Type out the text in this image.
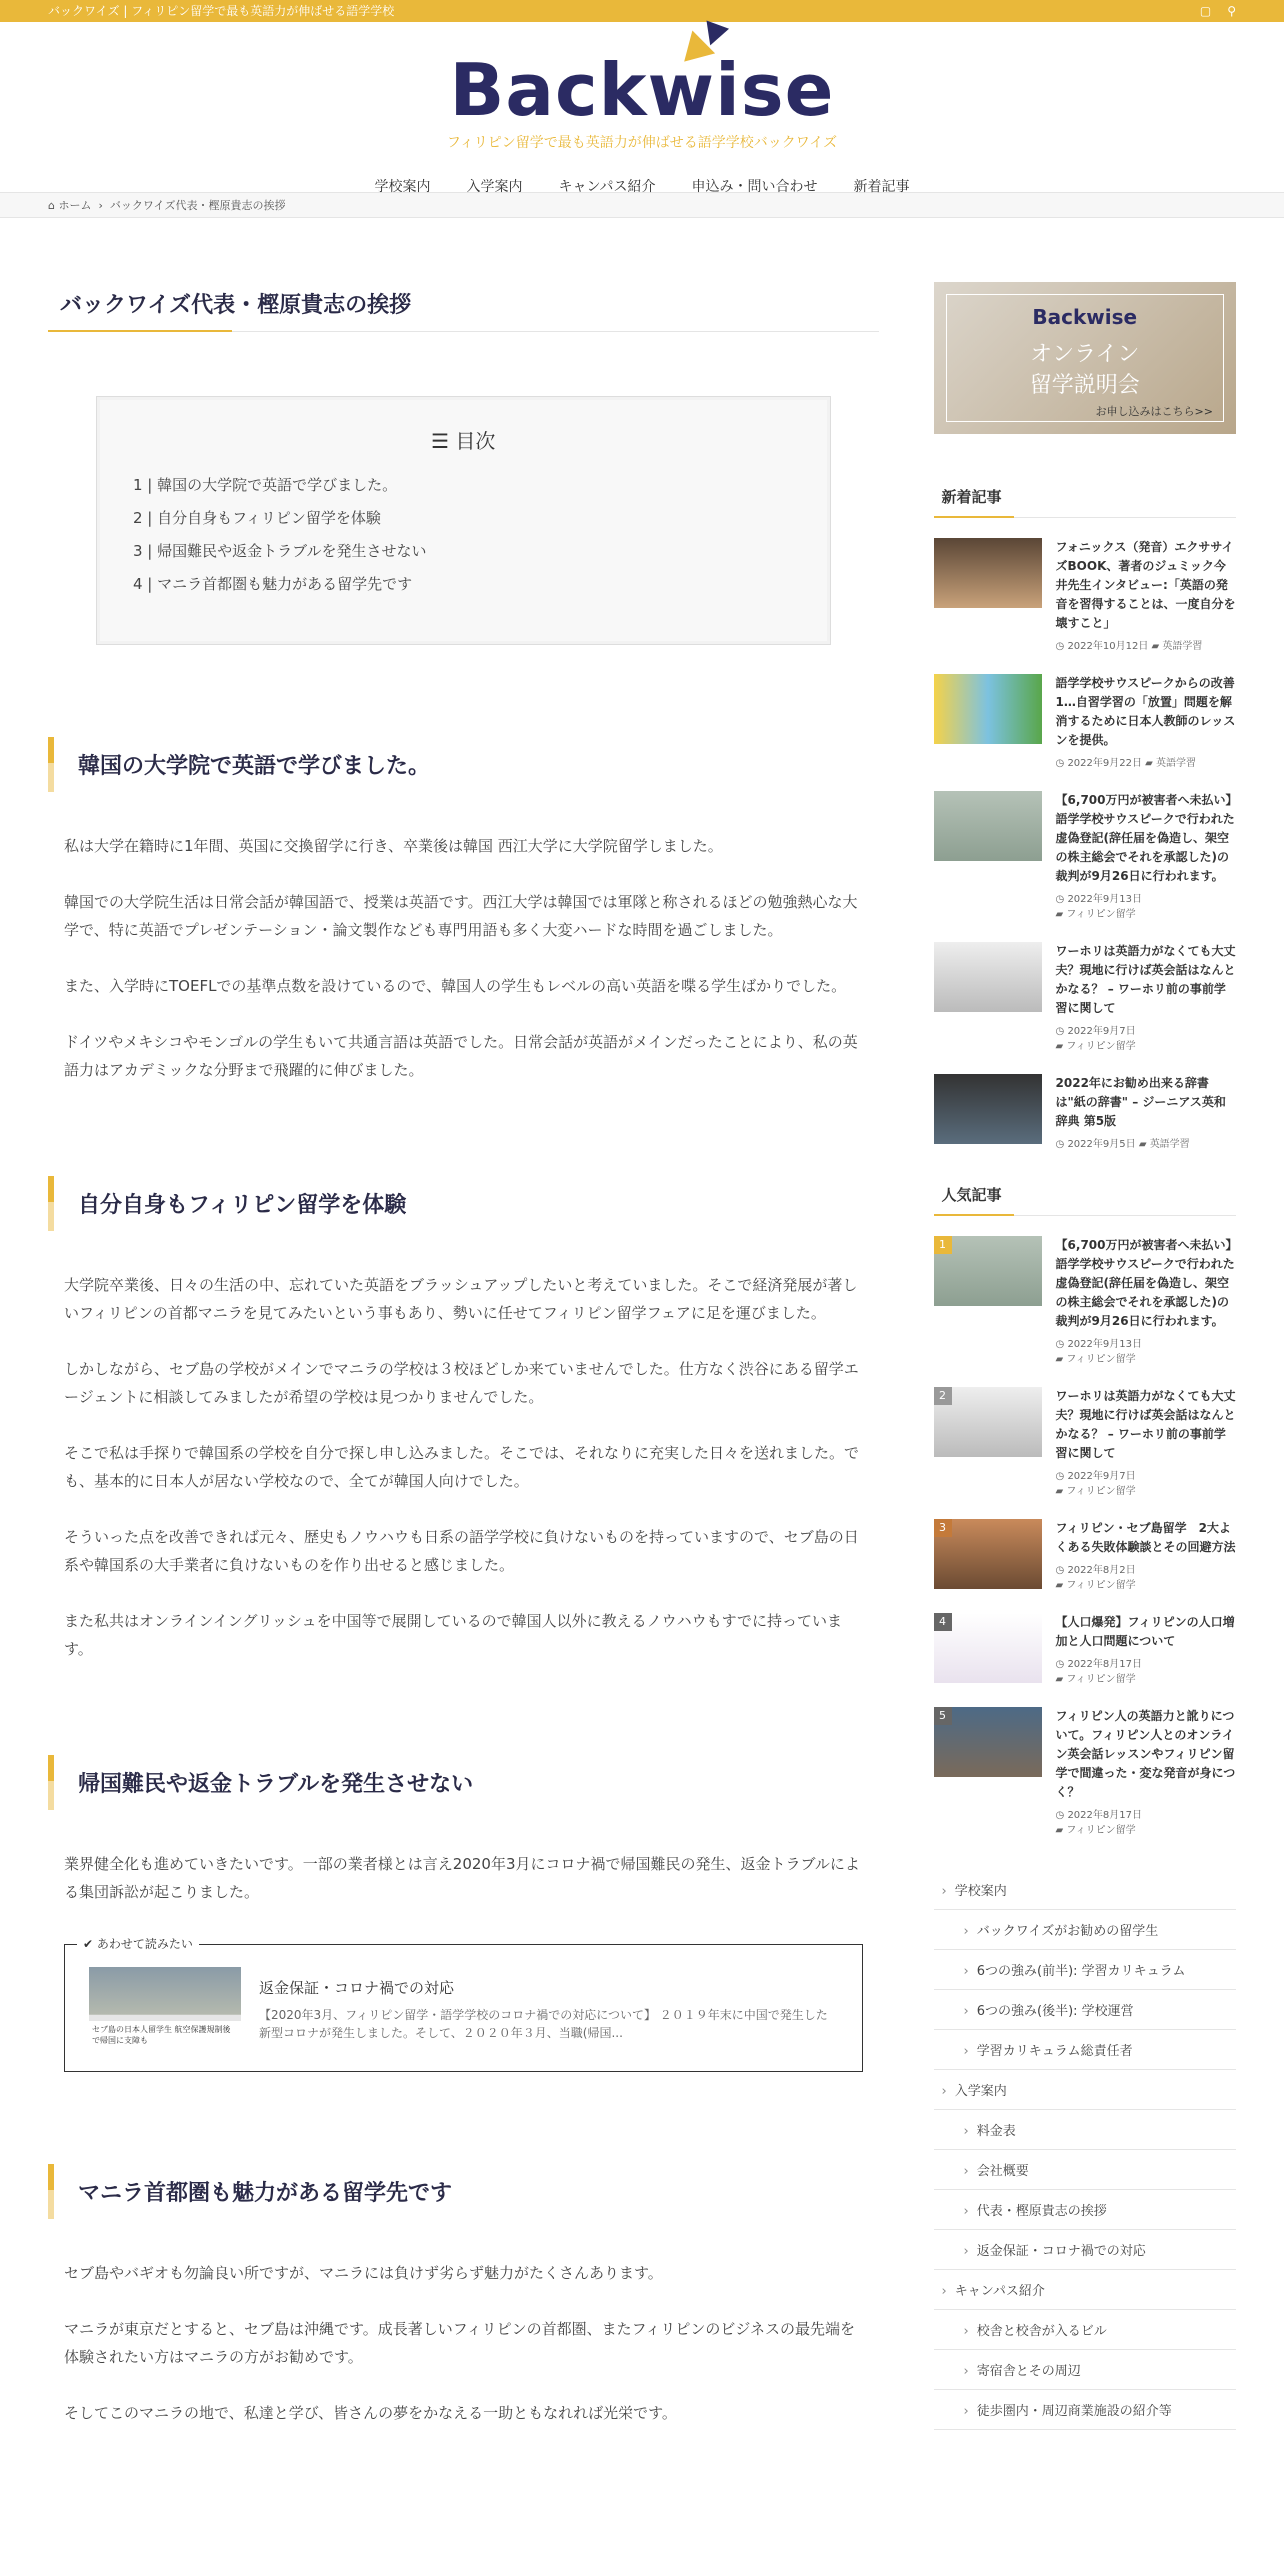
バックワイズ | フィリピン留学で最も英語力が伸ばせる語学学校	▢ ⚲
Backwise
フィリピン留学で最も英語力が伸ばせる語学学校バックワイズ
学校案内	入学案内	キャンパス紹介	申込み・問い合わせ	新着記事
⌂ ホーム  ›  バックワイズ代表・樫原貴志の挨拶
バックワイズ代表・樫原貴志の挨拶
☰ 目次
1 | 韓国の大学院で英語で学びました。
2 | 自分自身もフィリピン留学を体験
3 | 帰国難民や返金トラブルを発生させない
4 | マニラ首都圏も魅力がある留学先です
韓国の大学院で英語で学びました。

私は大学在籍時に1年間、英国に交換留学に行き、卒業後は韓国 西江大学に大学院留学しました。

韓国での大学院生活は日常会話が韓国語で、授業は英語です。西江大学は韓国では軍隊と称されるほどの勉強熱心な大学で、特に英語でプレゼンテーション・論文製作なども専門用語も多く大変ハードな時間を過ごしました。

また、入学時にTOEFLでの基準点数を設けているので、韓国人の学生もレベルの高い英語を喋る学生ばかりでした。

ドイツやメキシコやモンゴルの学生もいて共通言語は英語でした。日常会話が英語がメインだったことにより、私の英語力はアカデミックな分野まで飛躍的に伸びました。

自分自身もフィリピン留学を体験

大学院卒業後、日々の生活の中、忘れていた英語をブラッシュアップしたいと考えていました。そこで経済発展が著しいフィリピンの首都マニラを見てみたいという事もあり、勢いに任せてフィリピン留学フェアに足を運びました。

しかしながら、セブ島の学校がメインでマニラの学校は３校ほどしか来ていませんでした。仕方なく渋谷にある留学エージェントに相談してみましたが希望の学校は見つかりませんでした。

そこで私は手探りで韓国系の学校を自分で探し申し込みました。そこでは、それなりに充実した日々を送れました。でも、基本的に日本人が居ない学校なので、全てが韓国人向けでした。

そういった点を改善できれば元々、歴史もノウハウも日系の語学学校に負けないものを持っていますので、セブ島の日系や韓国系の大手業者に負けないものを作り出せると感じました。

また私共はオンラインイングリッシュを中国等で展開しているので韓国人以外に教えるノウハウもすでに持っています。

帰国難民や返金トラブルを発生させない

業界健全化も進めていきたいです。一部の業者様とは言え2020年3月にコロナ禍で帰国難民の発生、返金トラブルによる集団訴訟が起こりました。

✔ あわせて読みたい
セブ島の日本人留学生 航空保護規制後で帰国に支障も
返金保証・コロナ禍での対応
【2020年3月、フィリピン留学・語学学校のコロナ禍での対応について】 ２０１９年末に中国で発生した新型コロナが発生しました。そして、２０２０年３月、当職(帰国...
マニラ首都圏も魅力がある留学先です

セブ島やバギオも勿論良い所ですが、マニラには負けず劣らず魅力がたくさんあります。

マニラが東京だとすると、セブ島は沖縄です。成長著しいフィリピンの首都圏、またフィリピンのビジネスの最先端を体験されたい方はマニラの方がお勧めです。

そしてこのマニラの地で、私達と学び、皆さんの夢をかなえる一助ともなれれば光栄です。

Backwise
オンライン
留学説明会
お申し込みはこちら>>
新着記事
フォニックス（発音）エクササイズBOOK、著者のジュミック今井先生インタビュー:「英語の発音を習得することは、一度自分を壊すこと」
◷ 2022年10月12日 ▰ 英語学習
語学学校サウスピークからの改善1…自習学習の「放置」問題を解消するために日本人教師のレッスンを提供。
◷ 2022年9月22日 ▰ 英語学習
【6,700万円が被害者へ未払い】語学学校サウスピークで行われた虚偽登記(辞任届を偽造し、架空の株主総会でそれを承認した)の裁判が9月26日に行われます。
◷ 2022年9月13日
▰ フィリピン留学
ワーホリは英語力がなくても大丈夫？現地に行けば英会話はなんとかなる？ – ワーホリ前の事前学習に関して
◷ 2022年9月7日
▰ フィリピン留学
2022年にお勧め出来る辞書は"紙の辞書" – ジーニアス英和辞典 第5版
◷ 2022年9月5日 ▰ 英語学習
人気記事
1	【6,700万円が被害者へ未払い】語学学校サウスピークで行われた虚偽登記(辞任届を偽造し、架空の株主総会でそれを承認した)の裁判が9月26日に行われます。
◷ 2022年9月13日
▰ フィリピン留学
2	ワーホリは英語力がなくても大丈夫？現地に行けば英会話はなんとかなる？ – ワーホリ前の事前学習に関して
◷ 2022年9月7日
▰ フィリピン留学
3	フィリピン・セブ島留学　2大よくある失敗体験談とその回避方法
◷ 2022年8月2日
▰ フィリピン留学
4	【人口爆発】フィリピンの人口増加と人口問題について
◷ 2022年8月17日
▰ フィリピン留学
5	フィリピン人の英語力と訛りについて。フィリピン人とのオンライン英会話レッスンやフィリピン留学で間違った・変な発音が身につく？
◷ 2022年8月17日
▰ フィリピン留学
› 学校案内
› バックワイズがお勧めの留学生
› 6つの強み(前半): 学習カリキュラム
› 6つの強み(後半): 学校運営
› 学習カリキュラム総責任者
› 入学案内
› 料金表
› 会社概要
› 代表・樫原貴志の挨拶
› 返金保証・コロナ禍での対応
› キャンパス紹介
› 校舎と校舎が入るビル
› 寄宿舎とその周辺
› 徒歩圏内・周辺商業施設の紹介等
